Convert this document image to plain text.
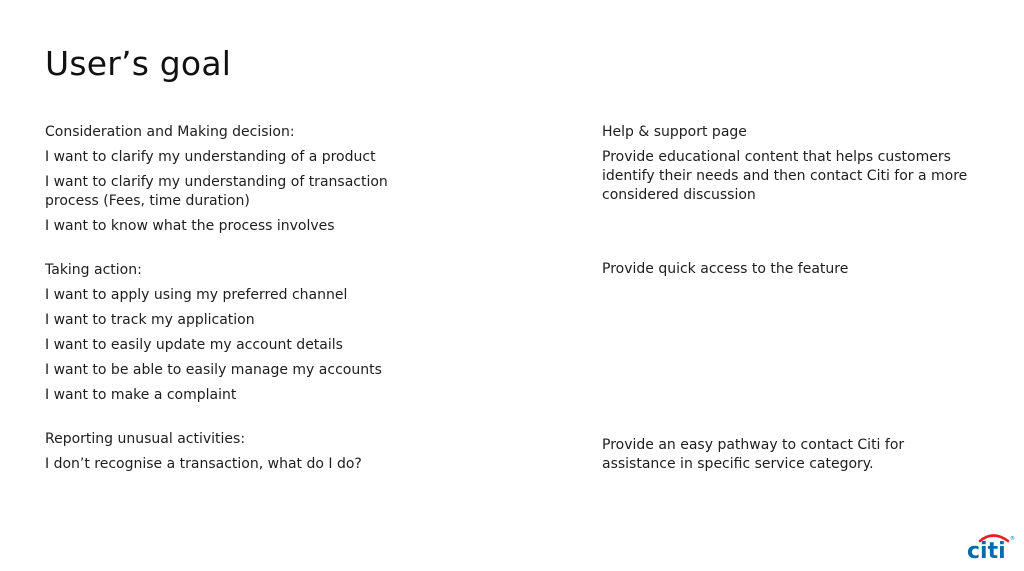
User’s goal

Consideration and Making decision:

I want to clarify my understanding of a product

I want to clarify my understanding of transaction process (Fees, time duration)

I want to know what the process involves

Taking action:

I want to apply using my preferred channel

I want to track my application

I want to easily update my account details

I want to be able to easily manage my accounts

I want to make a complaint

Reporting unusual activities:

I don’t recognise a transaction, what do I do?

Help & support page
Provide educational content that helps customers identify their needs and then contact Citi for a more considered discussion
Provide quick access to the feature
Provide an easy pathway to contact Citi for assistance in specific service category.
citi ®
